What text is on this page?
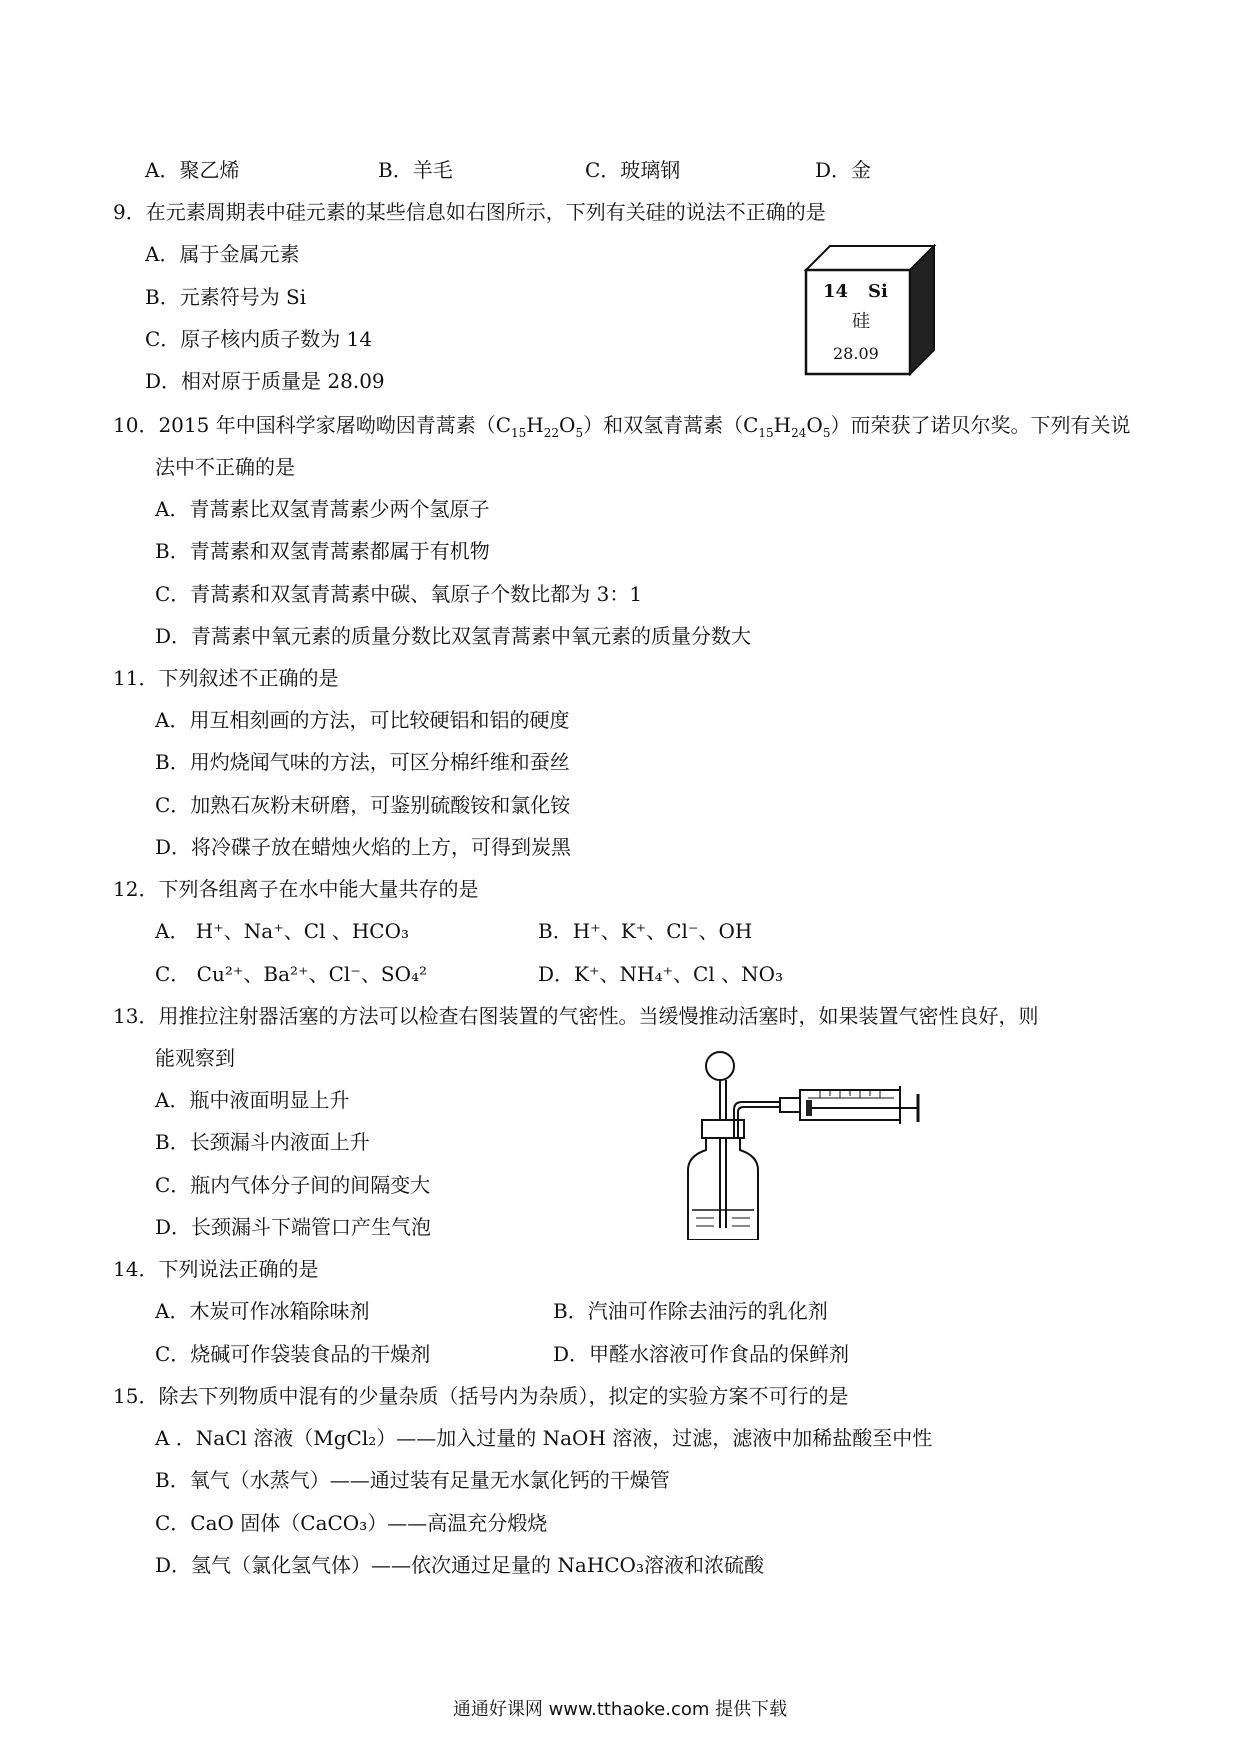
A．聚乙烯	B．羊毛	C．玻璃钢	D．金
9．在元素周期表中硅元素的某些信息如右图所示，下列有关硅的说法不正确的是
A．属于金属元素
B．元素符号为 Si
C．原子核内质子数为 14
D．相对原于质量是 28.09
14 Si
硅
28.09
10．2015 年中国科学家屠呦呦因青蒿素$(C_{15}H_{22}O_5)$和双氢青蒿素$(C_{15}H_{24}O_5)$而荣获了诺贝尔奖。下列有关说
法中不正确的是
A．青蒿素比双氢青蒿素少两个氢原子
B．青蒿素和双氢青蒿素都属于有机物
C．青蒿素和双氢青蒿素中碳、氧原子个数比都为 3：1
D．青蒿素中氧元素的质量分数比双氢青蒿素中氧元素的质量分数大
11．下列叙述不正确的是
A．用互相刻画的方法，可比较硬铝和铝的硬度
B．用灼烧闻气味的方法，可区分棉纤维和蚕丝
C．加熟石灰粉末研磨，可鉴别硫酸铵和氯化铵
D．将冷碟子放在蜡烛火焰的上方，可得到炭黑
12．下列各组离子在水中能大量共存的是
A． H⁺、Na⁺、Cl 、HCO₃	B．H⁺、K⁺、Cl⁻、OH
C． Cu²⁺、Ba²⁺、Cl⁻、SO₄²	D．K⁺、NH₄⁺、Cl 、NO₃
13．用推拉注射器活塞的方法可以检查右图装置的气密性。当缓慢推动活塞时，如果装置气密性良好，则
能观察到
A．瓶中液面明显上升
B．长颈漏斗内液面上升
C．瓶内气体分子间的间隔变大
D．长颈漏斗下端管口产生气泡
14．下列说法正确的是
A．木炭可作冰箱除味剂	B．汽油可作除去油污的乳化剂
C．烧碱可作袋装食品的干燥剂	D．甲醛水溶液可作食品的保鲜剂
15．除去下列物质中混有的少量杂质（括号内为杂质），拟定的实验方案不可行的是
A ．NaCl 溶液（MgCl₂）——加入过量的 NaOH 溶液，过滤，滤液中加稀盐酸至中性
B．氧气（水蒸气）——通过装有足量无水氯化钙的干燥管
C．CaO 固体（CaCO₃）——高温充分煅烧
D．氢气（氯化氢气体）——依次通过足量的 NaHCO₃溶液和浓硫酸
通通好课网 www.tthaoke.com 提供下载
